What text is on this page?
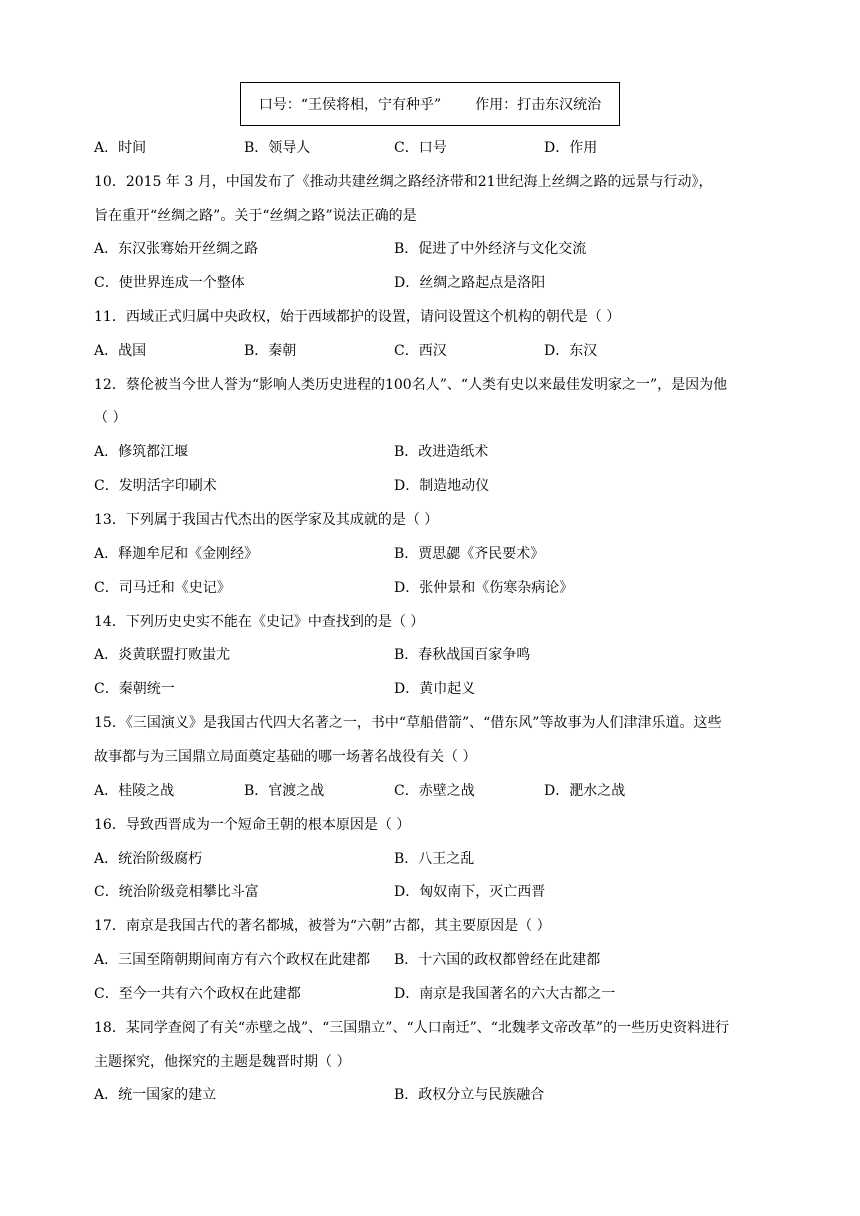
口号：“王侯将相，宁有种乎” 作用：打击东汉统治
A．时间	B．领导人	C．口号	D．作用
10．2015 年 3 月，中国发布了《推动共建丝绸之路经济带和21世纪海上丝绸之路的远景与行动》，
旨在重开“丝绸之路”。关于“丝绸之路”说法正确的是
A．东汉张骞始开丝绸之路	B．促进了中外经济与文化交流
C．使世界连成一个整体	D．丝绸之路起点是洛阳
11．西域正式归属中央政权，始于西域都护的设置，请问设置这个机构的朝代是（ ）
A．战国	B．秦朝	C．西汉	D．东汉
12．蔡伦被当今世人誉为“影响人类历史进程的100名人”、“人类有史以来最佳发明家之一”，是因为他
（ ）
A．修筑都江堰	B．改进造纸术
C．发明活字印刷术	D．制造地动仪
13．下列属于我国古代杰出的医学家及其成就的是（ ）
A．释迦牟尼和《金刚经》	B．贾思勰《齐民要术》
C．司马迁和《史记》	D．张仲景和《伤寒杂病论》
14．下列历史史实不能在《史记》中查找到的是（ ）
A．炎黄联盟打败蚩尤	B．春秋战国百家争鸣
C．秦朝统一	D．黄巾起义
15．《三国演义》是我国古代四大名著之一，书中“草船借箭”、“借东风”等故事为人们津津乐道。这些
故事都与为三国鼎立局面奠定基础的哪一场著名战役有关（ ）
A．桂陵之战	B．官渡之战	C．赤壁之战	D．淝水之战
16．导致西晋成为一个短命王朝的根本原因是（ ）
A．统治阶级腐朽	B．八王之乱
C．统治阶级竞相攀比斗富	D．匈奴南下，灭亡西晋
17．南京是我国古代的著名都城，被誉为“六朝”古都，其主要原因是（ ）
A．三国至隋朝期间南方有六个政权在此建都 B．十六国的政权都曾经在此建都
C．至今一共有六个政权在此建都	D．南京是我国著名的六大古都之一
18．某同学查阅了有关“赤壁之战”、“三国鼎立”、“人口南迁”、“北魏孝文帝改革”的一些历史资料进行
主题探究，他探究的主题是魏晋时期（ ）
A．统一国家的建立	B．政权分立与民族融合
